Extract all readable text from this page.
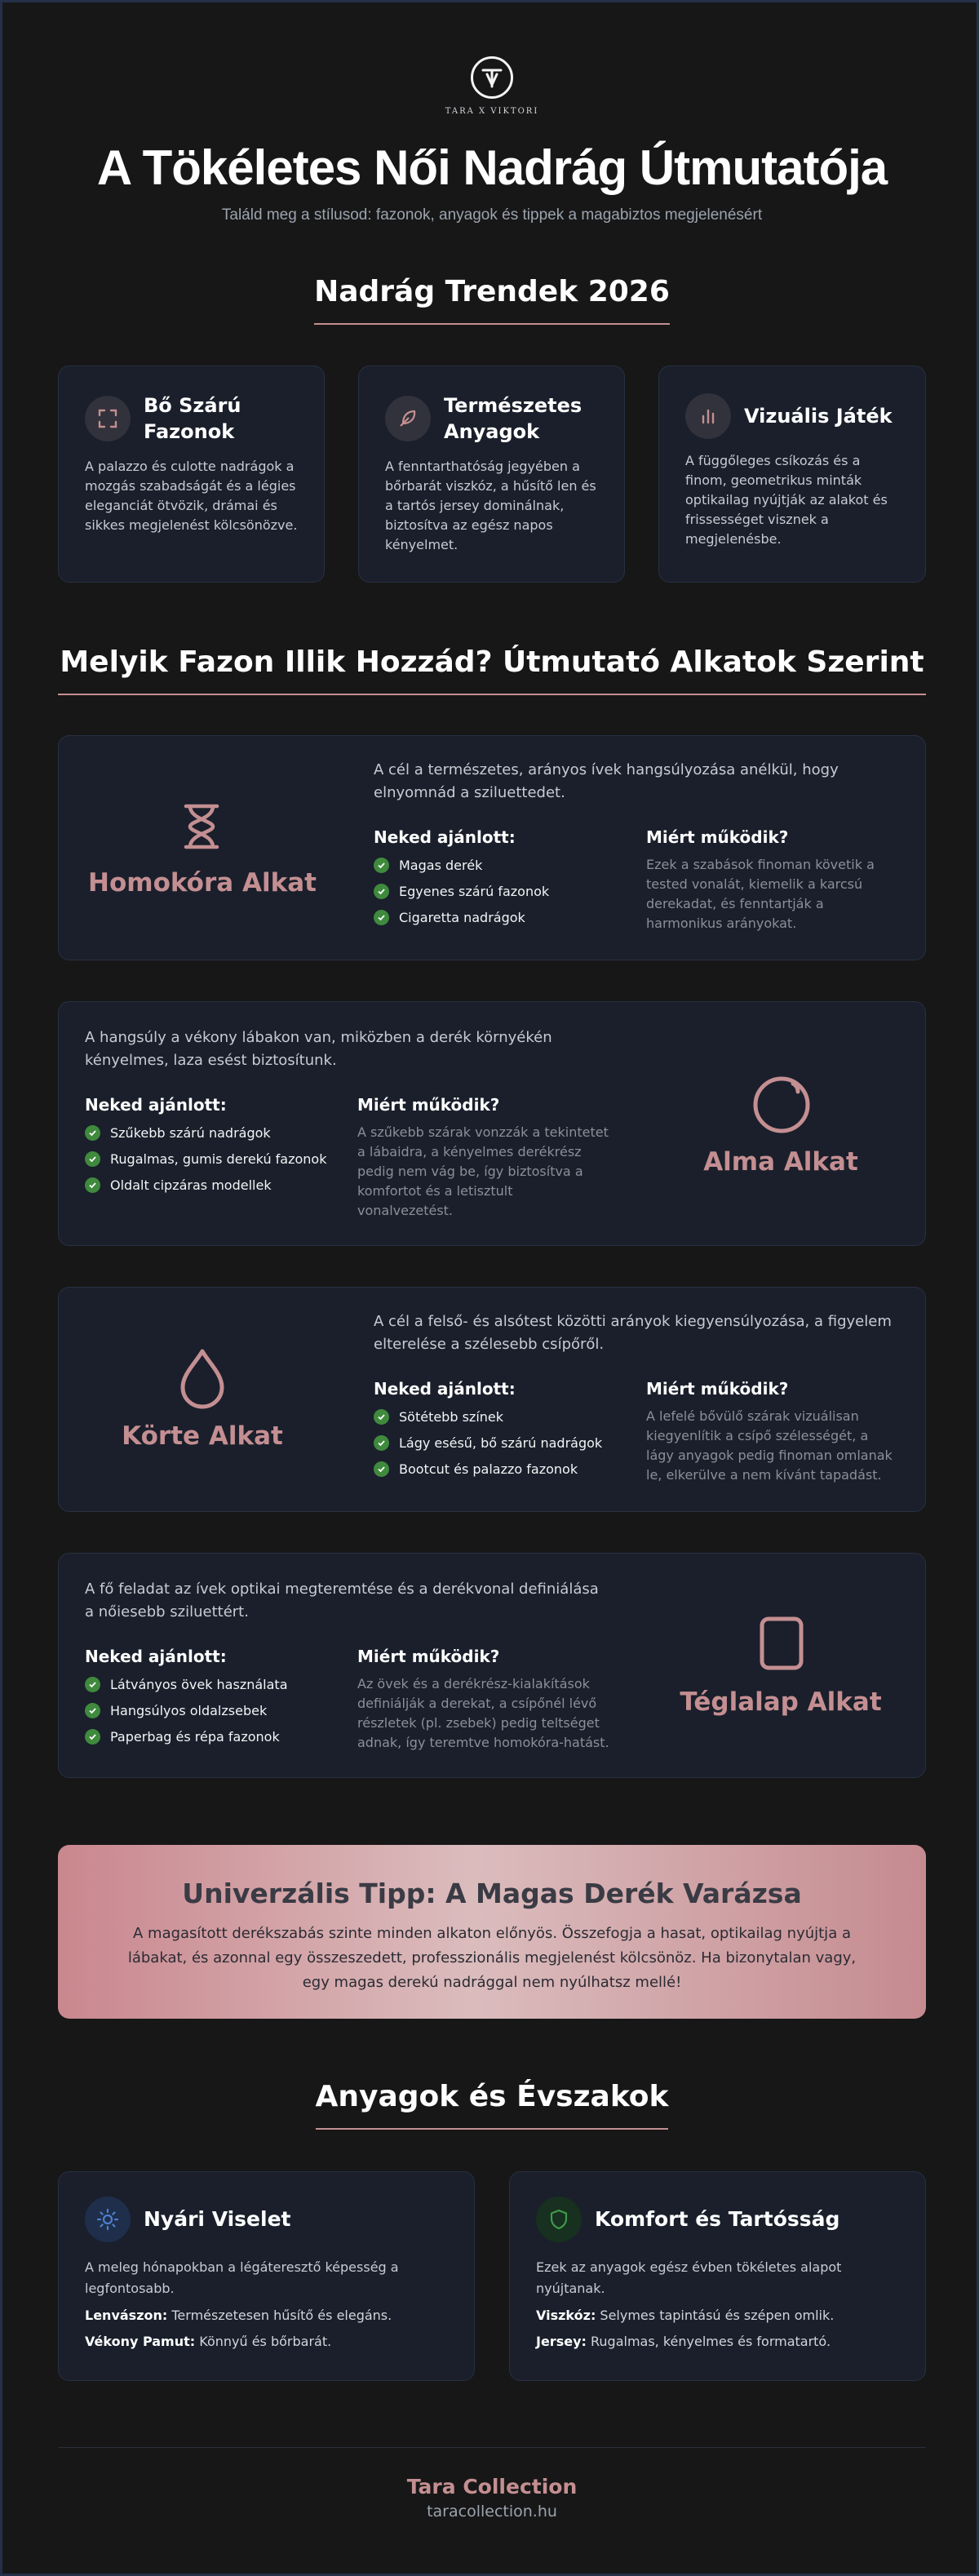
TARA X VIKTORI
A Tökéletes Női Nadrág Útmutatója

Találd meg a stílusod: fazonok, anyagok és tippek a magabiztos megjelenésért

Nadrág Trendek 2026
Bő Szárú
Fazonok
A palazzo és culotte nadrágok a
mozgás szabadságát és a légies
eleganciát ötvözik, drámai és
sikkes megjelenést kölcsönözve.
Természetes
Anyagok
A fenntarthatóság jegyében a
bőrbarát viszkóz, a hűsítő len és
a tartós jersey dominálnak,
biztosítva az egész napos
kényelmet.
Vizuális Játék
A függőleges csíkozás és a
finom, geometrikus minták
optikailag nyújtják az alakot és
frissességet visznek a
megjelenésbe.
Melyik Fazon Illik Hozzád? Útmutató Alkatok Szerint
Homokóra Alkat
A cél a természetes, arányos ívek hangsúlyozása anélkül, hogy
elnyomnád a sziluettedet.
Neked ajánlott:
Magas derék
Egyenes szárú fazonok
Cigaretta nadrágok
Miért működik?
Ezek a szabások finoman követik a
tested vonalát, kiemelik a karcsú
derekadat, és fenntartják a
harmonikus arányokat.
A hangsúly a vékony lábakon van, miközben a derék környékén
kényelmes, laza esést biztosítunk.
Neked ajánlott:
Szűkebb szárú nadrágok
Rugalmas, gumis derekú fazonok
Oldalt cipzáras modellek
Miért működik?
A szűkebb szárak vonzzák a tekintetet
a lábaidra, a kényelmes derékrész
pedig nem vág be, így biztosítva a
komfortot és a letisztult
vonalvezetést.
Alma Alkat
Körte Alkat
A cél a felső- és alsótest közötti arányok kiegyensúlyozása, a figyelem
elterelése a szélesebb csípőről.
Neked ajánlott:
Sötétebb színek
Lágy esésű, bő szárú nadrágok
Bootcut és palazzo fazonok
Miért működik?
A lefelé bővülő szárak vizuálisan
kiegyenlítik a csípő szélességét, a
lágy anyagok pedig finoman omlanak
le, elkerülve a nem kívánt tapadást.
A fő feladat az ívek optikai megteremtése és a derékvonal definiálása
a nőiesebb sziluettért.
Neked ajánlott:
Látványos övek használata
Hangsúlyos oldalzsebek
Paperbag és répa fazonok
Miért működik?
Az övek és a derékrész-kialakítások
definiálják a derekat, a csípőnél lévő
részletek (pl. zsebek) pedig teltséget
adnak, így teremtve homokóra-hatást.
Téglalap Alkat
Univerzális Tipp: A Magas Derék Varázsa

A magasított derékszabás szinte minden alkaton előnyös. Összefogja a hasat, optikailag nyújtja a
lábakat, és azonnal egy összeszedett, professzionális megjelenést kölcsönöz. Ha bizonytalan vagy,
egy magas derekú nadrággal nem nyúlhatsz mellé!

Anyagok és Évszakok
Nyári Viselet
A meleg hónapokban a légáteresztő képesség a
legfontosabb.
Lenvászon: Természetesen hűsítő és elegáns.
Vékony Pamut: Könnyű és bőrbarát.
Komfort és Tartósság
Ezek az anyagok egész évben tökéletes alapot
nyújtanak.
Viszkóz: Selymes tapintású és szépen omlik.
Jersey: Rugalmas, kényelmes és formatartó.
Tara Collection
taracollection.hu
